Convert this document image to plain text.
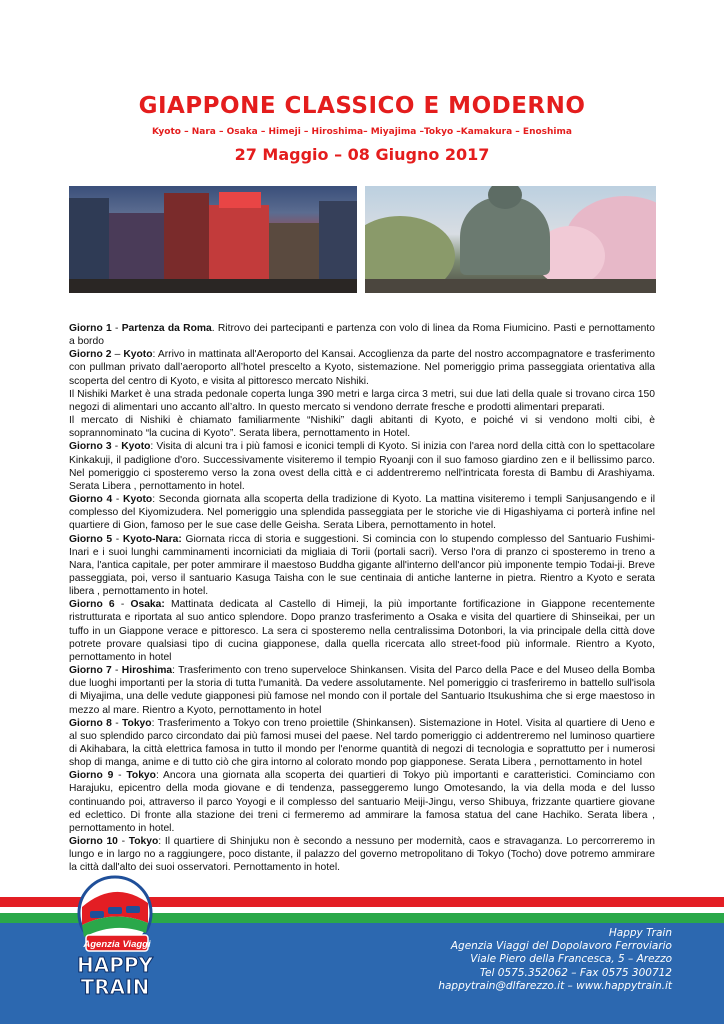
GIAPPONE CLASSICO E MODERNO
Kyoto – Nara – Osaka – Himeji – Hiroshima– Miyajima –Tokyo –Kamakura – Enoshima
27 Maggio – 08 Giugno 2017

Giorno 1 - Partenza da Roma. Ritrovo dei partecipanti e partenza con volo di linea da Roma Fiumicino. Pasti e pernottamento a bordo

Giorno 2 – Kyoto: Arrivo in mattinata all'Aeroporto del Kansai. Accoglienza da parte del nostro accompagnatore e trasferimento con pullman privato dall’aeroporto all’hotel prescelto a Kyoto, sistemazione. Nel pomeriggio prima passeggiata orientativa alla scoperta del centro di Kyoto, e visita al pittoresco mercato Nishiki.

Il Nishiki Market è una strada pedonale coperta lunga 390 metri e larga circa 3 metri, sui due lati della quale si trovano circa 150 negozi di alimentari uno accanto all’altro. In questo mercato si vendono derrate fresche e prodotti alimentari preparati.

Il mercato di Nishiki è chiamato familiarmente “Nishiki” dagli abitanti di Kyoto, e poiché vi si vendono molti cibi, è soprannominato “la cucina di Kyoto”. Serata libera, pernottamento in Hotel.

Giorno 3 - Kyoto: Visita di alcuni tra i più famosi e iconici templi di Kyoto. Si inizia con l'area nord della città con lo spettacolare Kinkakuji, il padiglione d'oro. Successivamente visiteremo il tempio Ryoanji con il suo famoso giardino zen e il bellissimo parco. Nel pomeriggio ci sposteremo verso la zona ovest della città e ci addentreremo nell'intricata foresta di Bambu di Arashiyama. Serata Libera , pernottamento in hotel.

Giorno 4 - Kyoto: Seconda giornata alla scoperta della tradizione di Kyoto. La mattina visiteremo i templi Sanjusangendo e il complesso del Kiyomizudera. Nel pomeriggio una splendida passeggiata per le storiche vie di Higashiyama ci porterà infine nel quartiere di Gion, famoso per le sue case delle Geisha. Serata Libera, pernottamento in hotel.

Giorno 5 - Kyoto-Nara: Giornata ricca di storia e suggestioni. Si comincia con lo stupendo complesso del Santuario Fushimi-Inari e i suoi lunghi camminamenti incorniciati da migliaia di Torii (portali sacri). Verso l'ora di pranzo ci sposteremo in treno a Nara, l'antica capitale, per poter ammirare il maestoso Buddha gigante all'interno dell'ancor più imponente tempio Todai-ji. Breve passeggiata, poi, verso il santuario Kasuga Taisha con le sue centinaia di antiche lanterne in pietra. Rientro a Kyoto e serata libera , pernottamento in hotel.

Giorno 6 - Osaka: Mattinata dedicata al Castello di Himeji, la più importante fortificazione in Giappone recentemente ristrutturata e riportata al suo antico splendore. Dopo pranzo trasferimento a Osaka e visita del quartiere di Shinseikai, per un tuffo in un Giappone verace e pittoresco. La sera ci sposteremo nella centralissima Dotonbori, la via principale della città dove potrete provare qualsiasi tipo di cucina giapponese, dalla quella ricercata allo street-food più informale. Rientro a Kyoto, pernottamento in hotel

Giorno 7 - Hiroshima: Trasferimento con treno superveloce Shinkansen. Visita del Parco della Pace e del Museo della Bomba due luoghi importanti per la storia di tutta l'umanità. Da vedere assolutamente. Nel pomeriggio ci trasferiremo in battello sull'isola di Miyajima, una delle vedute giapponesi più famose nel mondo con il portale del Santuario Itsukushima che si erge maestoso in mezzo al mare. Rientro a Kyoto, pernottamento in hotel

Giorno 8 - Tokyo: Trasferimento a Tokyo con treno proiettile (Shinkansen). Sistemazione in Hotel. Visita al quartiere di Ueno e al suo splendido parco circondato dai più famosi musei del paese. Nel tardo pomeriggio ci addentreremo nel luminoso quartiere di Akihabara, la città elettrica famosa in tutto il mondo per l'enorme quantità di negozi di tecnologia e soprattutto per i numerosi shop di manga, anime e di tutto ciò che gira intorno al colorato mondo pop giapponese. Serata Libera , pernottamento in hotel

Giorno 9 - Tokyo: Ancora una giornata alla scoperta dei quartieri di Tokyo più importanti e caratteristici. Cominciamo con Harajuku, epicentro della moda giovane e di tendenza, passeggeremo lungo Omotesando, la via della moda e del lusso continuando poi, attraverso il parco Yoyogi e il complesso del santuario Meiji-Jingu, verso Shibuya, frizzante quartiere giovane ed eclettico. Di fronte alla stazione dei treni ci fermeremo ad ammirare la famosa statua del cane Hachiko. Serata libera , pernottamento in hotel.

Giorno 10 - Tokyo: Il quartiere di Shinjuku non è secondo a nessuno per modernità, caos e stravaganza. Lo percorreremo in lungo e in largo no a raggiungere, poco distante, il palazzo del governo metropolitano di Tokyo (Tocho) dove potremo ammirare la città dall'alto dei suoi osservatori. Pernottamento in hotel.

Agenzia Viaggi
HAPPY
TRAIN
Happy Train
Agenzia Viaggi del Dopolavoro Ferroviario
Viale Piero della Francesca, 5 – Arezzo
Tel 0575.352062 – Fax 0575 300712
happytrain@dlfarezzo.it – www.happytrain.it
